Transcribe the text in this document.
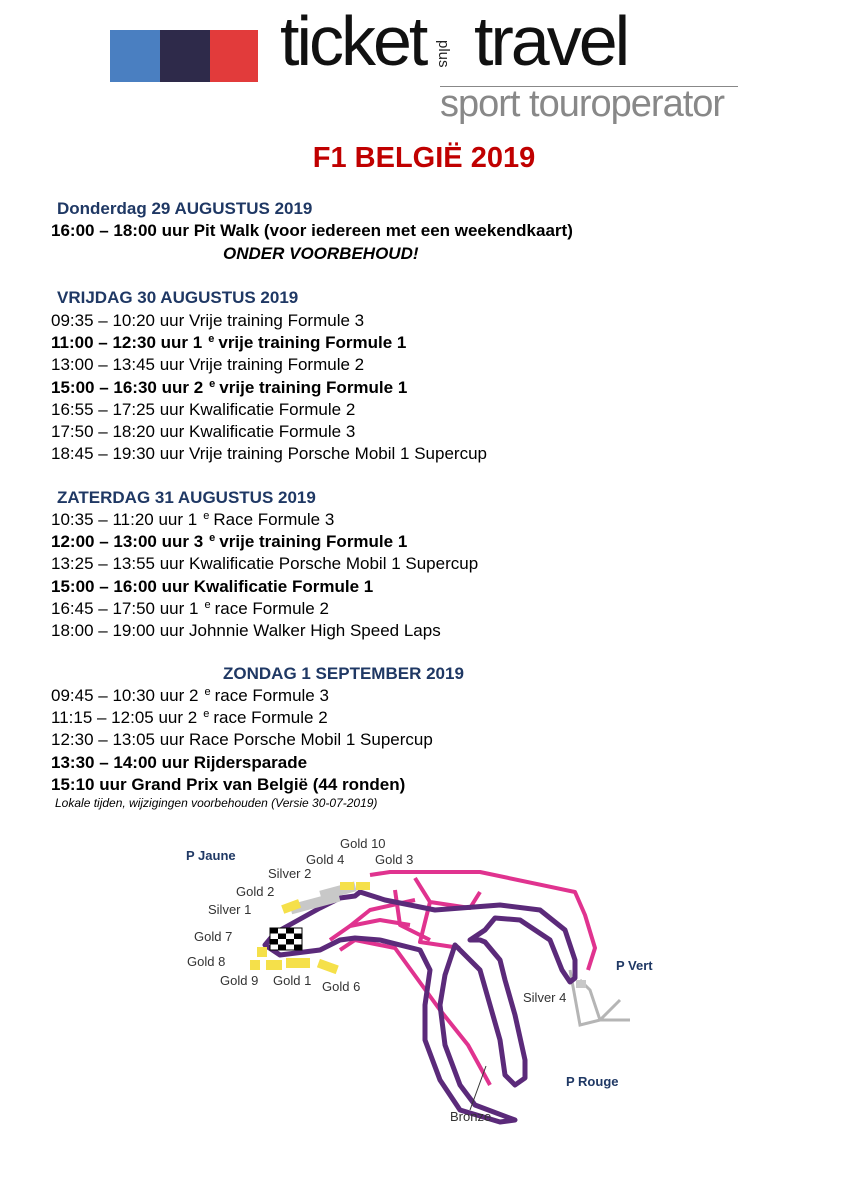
ticket plus travel
sport touroperator
F1 BELGIË 2019
Donderdag 29 AUGUSTUS 2019
16:00 – 18:00 uur Pit Walk (voor iedereen met een weekendkaart)
ONDER VOORBEHOUD!
VRIJDAG 30 AUGUSTUS 2019
09:35 – 10:20 uur Vrije training Formule 3
11:00 – 12:30 uur 1 $^e$ vrije training Formule 1
13:00 – 13:45 uur Vrije training Formule 2
15:00 – 16:30 uur 2 $^e$ vrije training Formule 1
16:55 – 17:25 uur Kwalificatie Formule 2
17:50 – 18:20 uur Kwalificatie Formule 3
18:45 – 19:30 uur Vrije training Porsche Mobil 1 Supercup
ZATERDAG 31 AUGUSTUS 2019
10:35 – 11:20 uur 1 $^e$ Race Formule 3
12:00 – 13:00 uur 3 $^e$ vrije training Formule 1
13:25 – 13:55 uur Kwalificatie Porsche Mobil 1 Supercup
15:00 – 16:00 uur Kwalificatie Formule 1
16:45 – 17:50 uur 1 $^e$ race Formule 2
18:00 – 19:00 uur Johnnie Walker High Speed Laps
ZONDAG 1 SEPTEMBER 2019
09:45 – 10:30 uur 2 $^e$ race Formule 3
11:15 – 12:05 uur 2 $^e$ race Formule 2
12:30 – 13:05 uur Race Porsche Mobil 1 Supercup
13:30 – 14:00 uur Rijdersparade
15:10 uur Grand Prix van België (44 ronden)
Lokale tijden, wijzigingen voorbehouden (Versie 30-07-2019)
P Jaune
P Vert
P Rouge
Gold 10
Gold 4 Gold 3
Silver 2
Gold 2
Silver 1
Gold 7
Gold 8
Gold 9 Gold 1 Gold 6
Silver 4
Bronze
